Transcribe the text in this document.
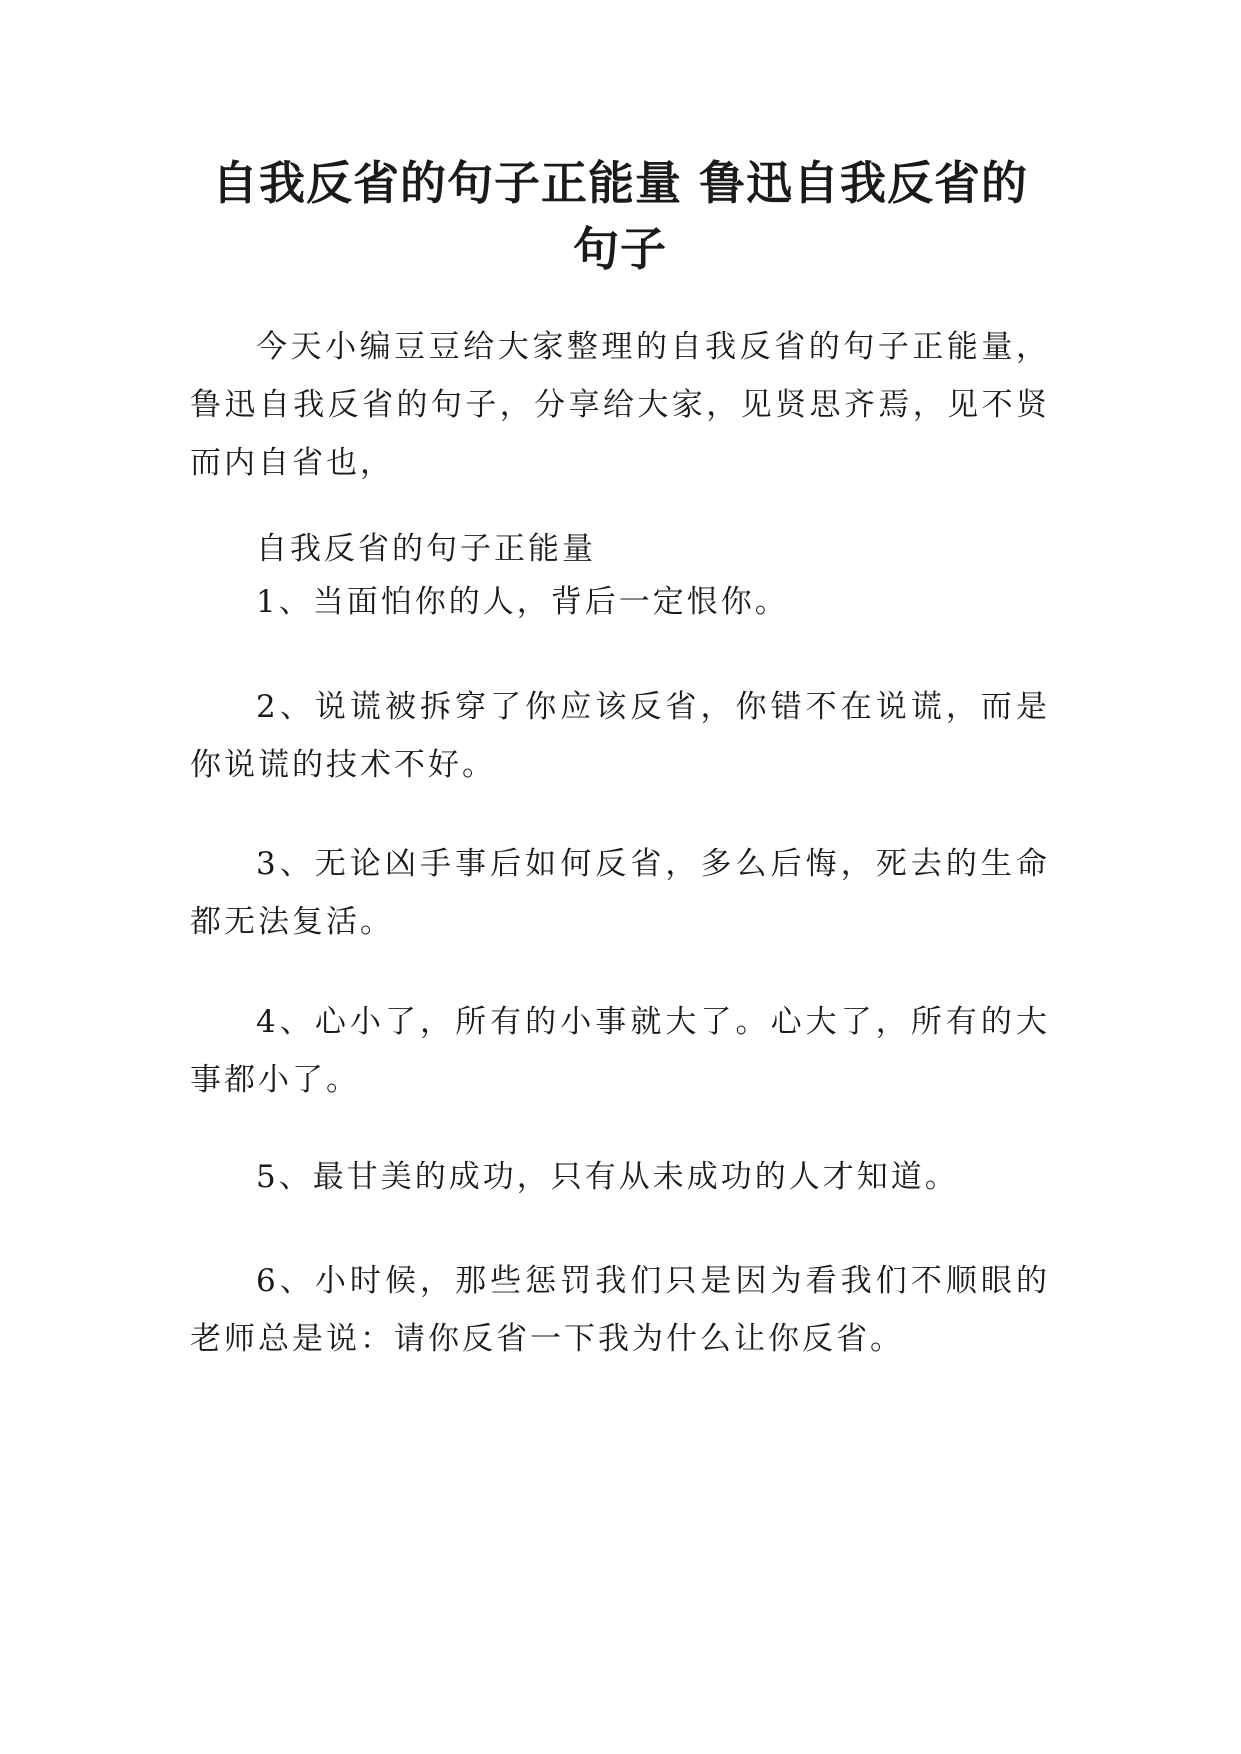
自我反省的句子正能量 鲁迅自我反省的句子

今天小编豆豆给大家整理的自我反省的句子正能量，鲁迅自我反省的句子，分享给大家，见贤思齐焉，见不贤而内自省也，

自我反省的句子正能量

1、当面怕你的人，背后一定恨你。

2、说谎被拆穿了你应该反省，你错不在说谎，而是你说谎的技术不好。

3、无论凶手事后如何反省，多么后悔，死去的生命都无法复活。

4、心小了，所有的小事就大了。心大了，所有的大事都小了。

5、最甘美的成功，只有从未成功的人才知道。

6、小时候，那些惩罚我们只是因为看我们不顺眼的老师总是说：请你反省一下我为什么让你反省。
